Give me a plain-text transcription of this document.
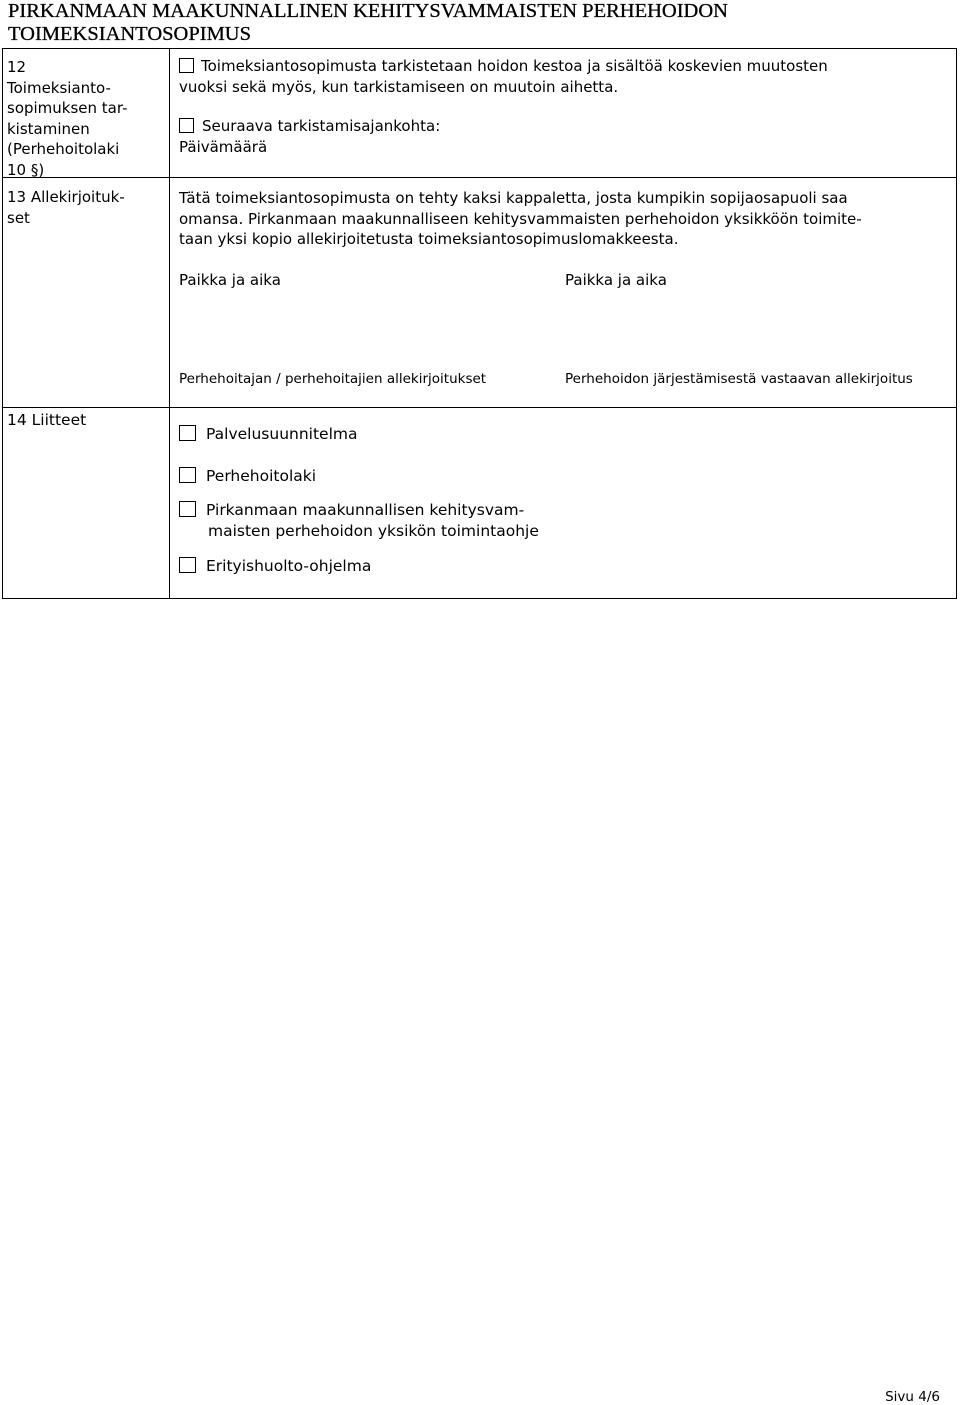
PIRKANMAAN MAAKUNNALLINEN KEHITYSVAMMAISTEN PERHEHOIDON
TOIMEKSIANTOSOPIMUS
12
Toimeksianto-
sopimuksen tar-
kistaminen
(Perhehoitolaki
10 §)
Toimeksiantosopimusta tarkistetaan hoidon kestoa ja sisältöä koskevien muutosten
vuoksi sekä myös, kun tarkistamiseen on muutoin aihetta.
Seuraava tarkistamisajankohta:
Päivämäärä
13 Allekirjoituk-
set
Tätä toimeksiantosopimusta on tehty kaksi kappaletta, josta kumpikin sopijaosapuoli saa
omansa. Pirkanmaan maakunnalliseen kehitysvammaisten perhehoidon yksikköön toimite-
taan yksi kopio allekirjoitetusta toimeksiantosopimuslomakkeesta.
Paikka ja aika	Paikka ja aika
Perhehoitajan / perhehoitajien allekirjoitukset	Perhehoidon järjestämisestä vastaavan allekirjoitus
14 Liitteet
Palvelusuunnitelma
Perhehoitolaki
Pirkanmaan maakunnallisen kehitysvam-
maisten perhehoidon yksikön toimintaohje
Erityishuolto-ohjelma
Sivu 4/6
